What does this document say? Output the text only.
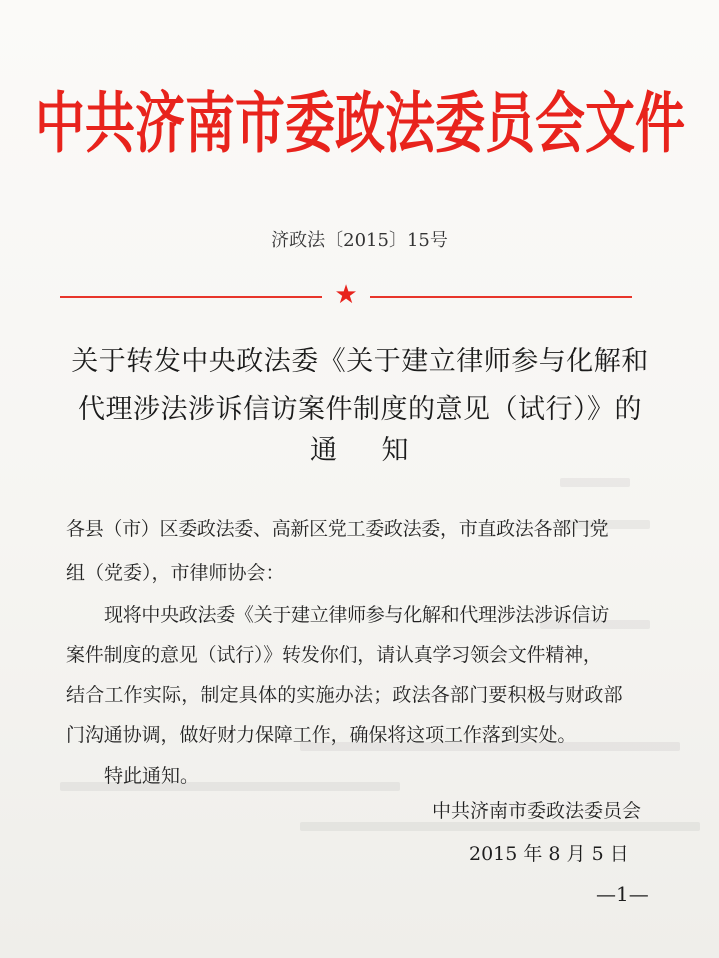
中共济南市委政法委员会文件
济政法〔2015〕15号
★
关于转发中央政法委《关于建立律师参与化解和
代理涉法涉诉信访案件制度的意见（试行）》的
通 知
各县（市）区委政法委、高新区党工委政法委，市直政法各部门党
组（党委），市律师协会：
现将中央政法委《关于建立律师参与化解和代理涉法涉诉信访
案件制度的意见（试行）》转发你们，请认真学习领会文件精神，
结合工作实际，制定具体的实施办法；政法各部门要积极与财政部
门沟通协调，做好财力保障工作，确保将这项工作落到实处。
特此通知。
中共济南市委政法委员会
2015 年 8 月 5 日
—1—
